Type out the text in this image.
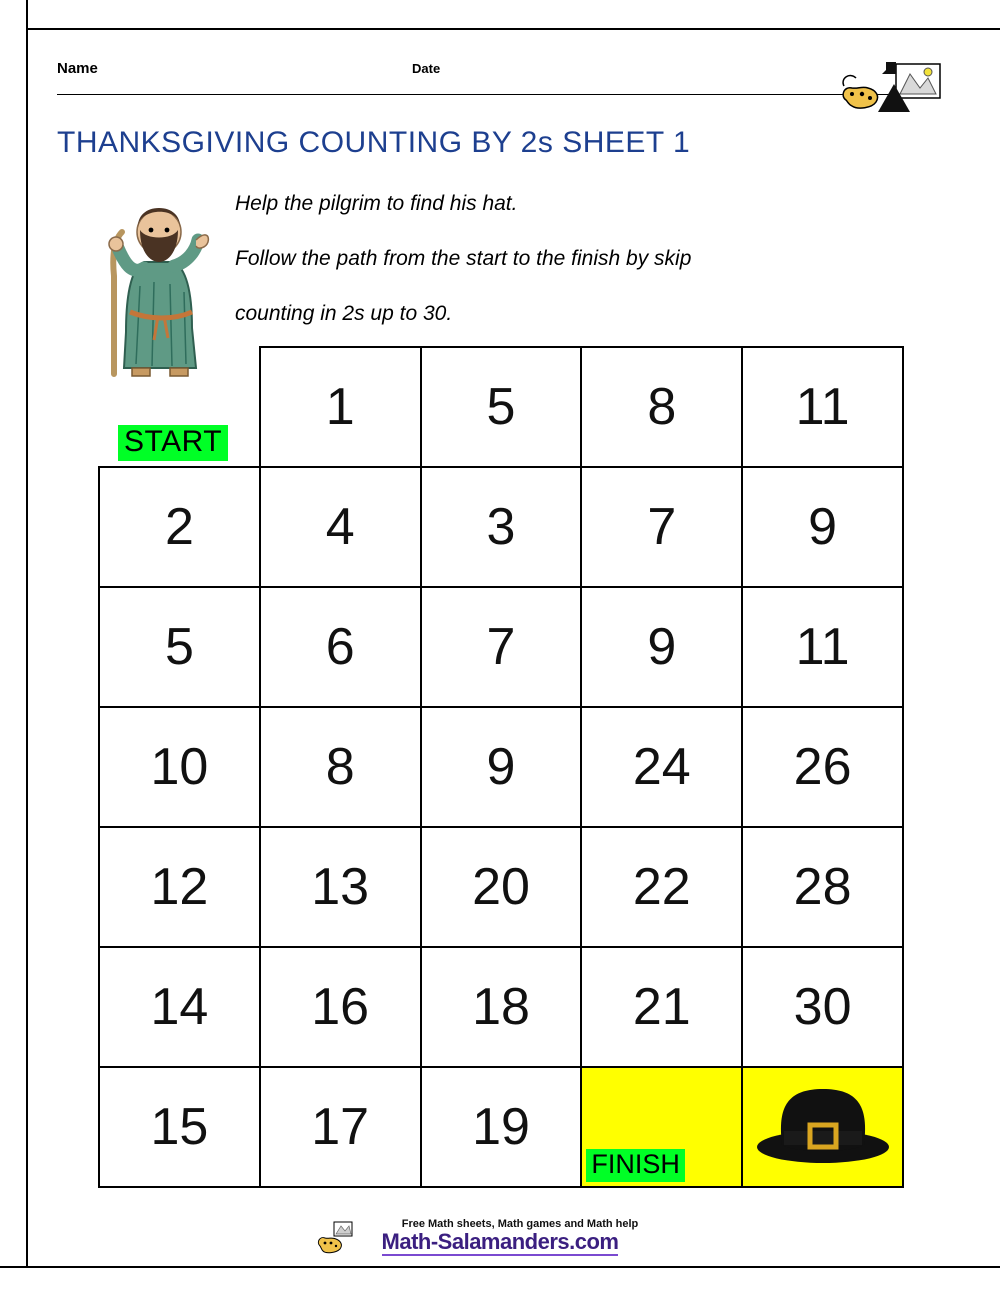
Name	Date
THANKSGIVING COUNTING BY 2s SHEET 1
Help the pilgrim to find his hat.
Follow the path from the start to the finish by skip
counting in 2s up to 30.
START
	1	5	8	11
2	4	3	7	9
5	6	7	9	11
10	8	9	24	26
12	13	20	22	28
14	16	18	21	30
15	17	19	FINISH

Free Math sheets, Math games and Math help
Math-Salamanders.com
